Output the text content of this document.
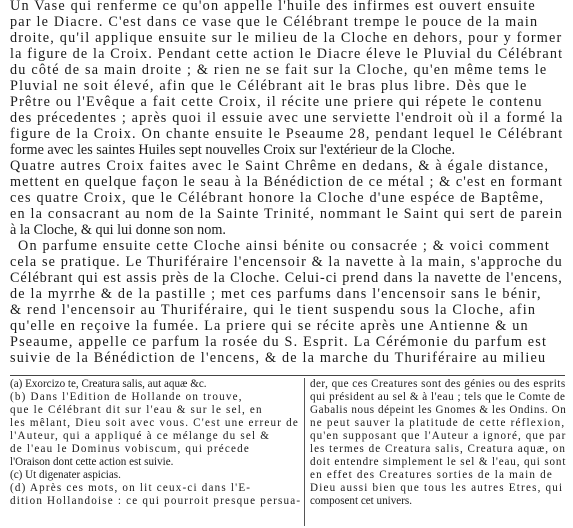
Un Vase qui renferme ce qu'on appelle l'huile des infirmes est ouvert ensuite
par le Diacre. C'est dans ce vase que le Célébrant trempe le pouce de la main
droite, qu'il applique ensuite sur le milieu de la Cloche en dehors, pour y former
la figure de la Croix. Pendant cette action le Diacre éleve le Pluvial du Célébrant
du côté de sa main droite ; & rien ne se fait sur la Cloche, qu'en même tems le
Pluvial ne soit élevé, afin que le Célébrant ait le bras plus libre. Dès que le
Prêtre ou l'Evêque a fait cette Croix, il récite une priere qui répete le contenu
des précedentes ; après quoi il essuie avec une serviette l'endroit où il a formé la
figure de la Croix. On chante ensuite le Pseaume 28, pendant lequel le Célébrant
forme avec les saintes Huiles sept nouvelles Croix sur l'extérieur de la Cloche.
Quatre autres Croix faites avec le Saint Chrême en dedans, & à égale distance,
mettent en quelque façon le seau à la Bénédiction de ce métal ; & c'est en formant
ces quatre Croix, que le Célébrant honore la Cloche d'une espéce de Baptême,
en la consacrant au nom de la Sainte Trinité, nommant le Saint qui sert de parein
à la Cloche, & qui lui donne son nom.
On parfume ensuite cette Cloche ainsi bénite ou consacrée ; & voici comment
cela se pratique. Le Thuriféraire l'encensoir & la navette à la main, s'approche du
Célébrant qui est assis près de la Cloche. Celui-ci prend dans la navette de l'encens,
de la myrrhe & de la pastille ; met ces parfums dans l'encensoir sans le bénir,
& rend l'encensoir au Thuriféraire, qui le tient suspendu sous la Cloche, afin
qu'elle en reçoive la fumée. La priere qui se récite après une Antienne & un
Pseaume, appelle ce parfum la rosée du S. Esprit. La Cérémonie du parfum est
suivie de la Bénédiction de l'encens, & de la marche du Thuriféraire au milieu
(a) Exorcizo te, Creatura salis, aut aquæ &c.
(b) Dans l'Edition de Hollande on trouve,
que le Célébrant dit sur l'eau & sur le sel, en
les mêlant, Dieu soit avec vous. C'est une erreur de
l'Auteur, qui a appliqué à ce mélange du sel &
de l'eau le Dominus vobiscum, qui précede
l'Oraison dont cette action est suivie.
(c) Ut digenater aspicias.
(d) Après ces mots, on lit ceux-ci dans l'E-
dition Hollandoise : ce qui pourroit presque persua-
der, que ces Creatures sont des génies ou des esprits
qui président au sel & à l'eau ; tels que le Comte de
Gabalis nous dépeint les Gnomes & les Ondins. On
ne peut sauver la platitude de cette réflexion,
qu'en supposant que l'Auteur a ignoré, que par
les termes de Creatura salis, Creatura aquæ, on
doit entendre simplement le sel & l'eau, qui sont
en effet des Creatures sorties de la main de
Dieu aussi bien que tous les autres Etres, qui
composent cet univers.
